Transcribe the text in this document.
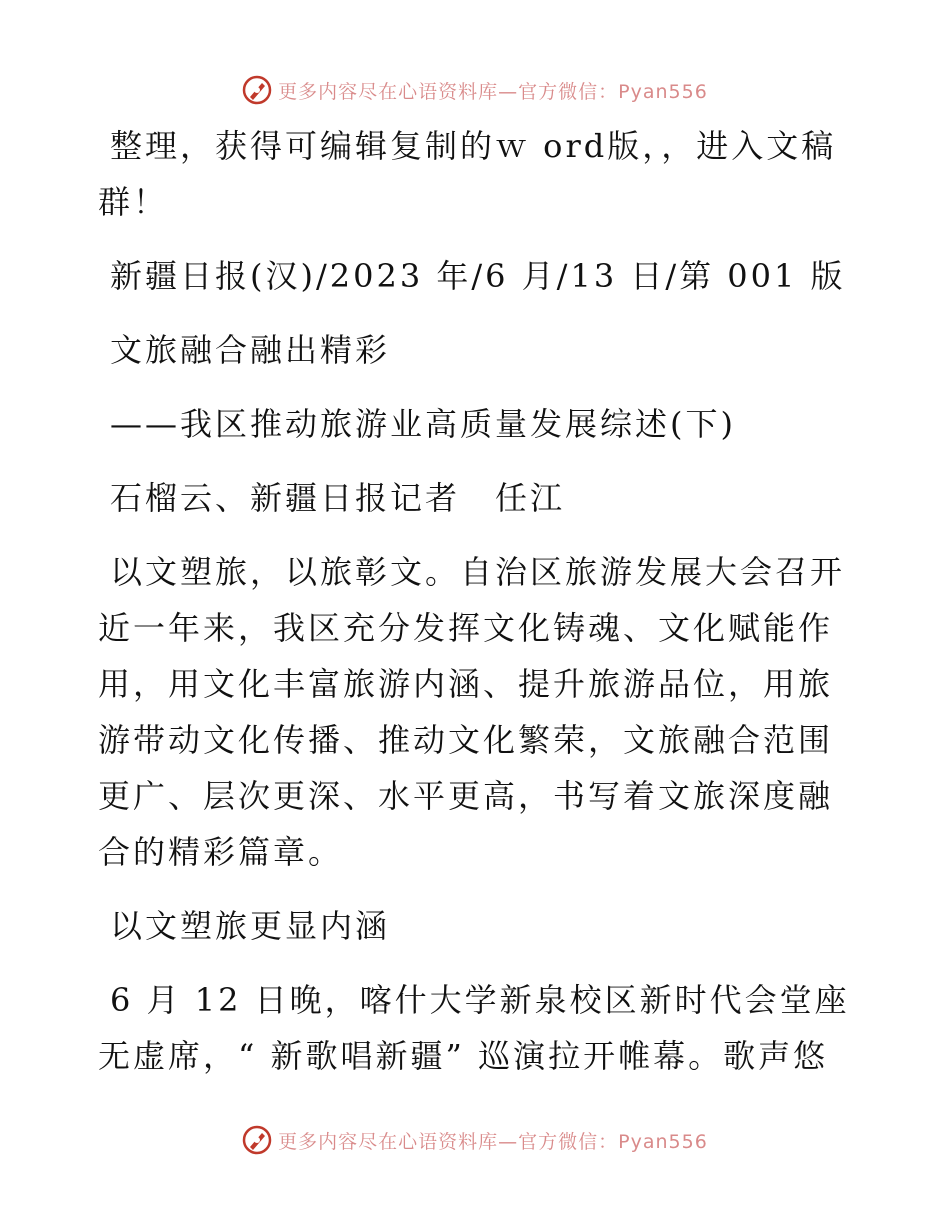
更多内容尽在心语资料库—官方微信：Pyan556

整理，获得可编辑复制的ｗ ord版，，进入文稿群！

新疆日报(汉)/2023 年/6 月/13 日/第 001 版

文旅融合融出精彩

——我区推动旅游业高质量发展综述(下)

石榴云、新疆日报记者　任江

以文塑旅，以旅彰文。自治区旅游发展大会召开近一年来，我区充分发挥文化铸魂、文化赋能作用，用文化丰富旅游内涵、提升旅游品位，用旅游带动文化传播、推动文化繁荣，文旅融合范围更广、层次更深、水平更高，书写着文旅深度融合的精彩篇章。

以文塑旅更显内涵

6 月 12 日晚，喀什大学新泉校区新时代会堂座无虚席，“ 新歌唱新疆” 巡演拉开帷幕。歌声悠

更多内容尽在心语资料库—官方微信：Pyan556
